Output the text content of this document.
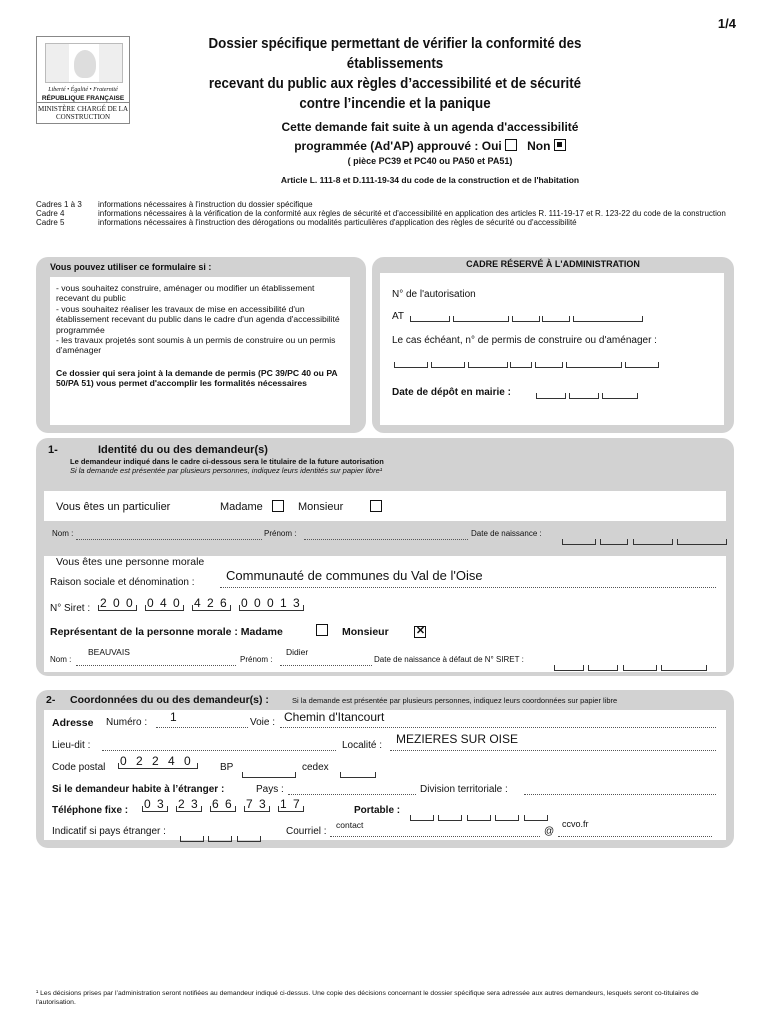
1/4
Liberté • Égalité • Fraternité
RÉPUBLIQUE FRANÇAISE
MINISTÈRE CHARGÉ DE LA CONSTRUCTION
Dossier spécifique permettant de vérifier la conformité des établissements
recevant du public aux règles d’accessibilité et de sécurité
contre l’incendie et la panique
Cette demande fait suite à un agenda d'accessibilité
programmée (Ad'AP) approuvé : Oui Non
( pièce PC39 et PC40 ou PA50 et PA51)
Article L. 111-8 et D.111-19-34 du code de la construction et de l'habitation
Cadres 1 à 3	informations nécessaires à l'instruction du dossier spécifique
Cadre 4	informations nécessaires à la vérification de la conformité aux règles de sécurité et d'accessibilité en application des articles R. 111-19-17 et R. 123-22 du code de la construction
Cadre 5	informations nécessaires à l'instruction des dérogations ou modalités particulières d'application des règles de sécurité ou d'accessibilité
Vous pouvez utiliser ce formulaire si :

- vous souhaitez construire, aménager ou modifier un établissement recevant du public
- vous souhaitez réaliser les travaux de mise en accessibilité d'un établissement recevant du public dans le cadre d'un agenda d'accessibilité programmée
- les travaux projetés sont soumis à un permis de construire ou un permis d'aménager

Ce dossier qui sera joint à la demande de permis (PC 39/PC 40 ou PA 50/PA 51) vous permet d'accomplir les formalités nécessaires

CADRE RÉSERVÉ À L'ADMINISTRATION
N° de l'autorisation
AT

Le cas échéant, n° de permis de construire ou d'aménager :

Date de dépôt en mairie :

1-	Identité du ou des demandeur(s)
Le demandeur indiqué dans le cadre ci-dessous sera le titulaire de la future autorisation
Si la demande est présentée par plusieurs personnes, indiquez leurs identités sur papier libre¹
Vous êtes un particulier	Madame
	Monsieur
Nom :	Prénom :	Date de naissance :

Vous êtes une personne morale
Raison sociale et dénomination : Communauté de communes du Val de l'Oise
N° Siret : 2 0 0 0 4 0 4 2 6 0 0 0 1 3
Représentant de la personne morale : Madame
	Monsieur ✕
Nom :
BEAUVAIS
Prénom :
Didier
Date de naissance à défaut de N° SIRET :

2- Coordonnées du ou des demandeur(s) :	Si la demande est présentée par plusieurs personnes, indiquez leurs coordonnées sur papier libre
Adresse Numéro : 1	Voie : Chemin d'Itancourt
Lieu-dit :	Localité : MEZIERES SUR OISE
Code postal 0 2 2 4 0	BP	cedex
Si le demandeur habite à l’étranger :	Pays :	Division territoriale :
Téléphone fixe : 0 3 2 3 6 6 7 3 1 7	Portable :

Indicatif si pays étranger :
	Courriel :
contact
@
ccvo.fr
¹ Les décisions prises par l’administration seront notifiées au demandeur indiqué ci-dessus. Une copie des décisions concernant le dossier spécifique sera adressée aux autres demandeurs, lesquels seront co-titulaires de l'autorisation.
